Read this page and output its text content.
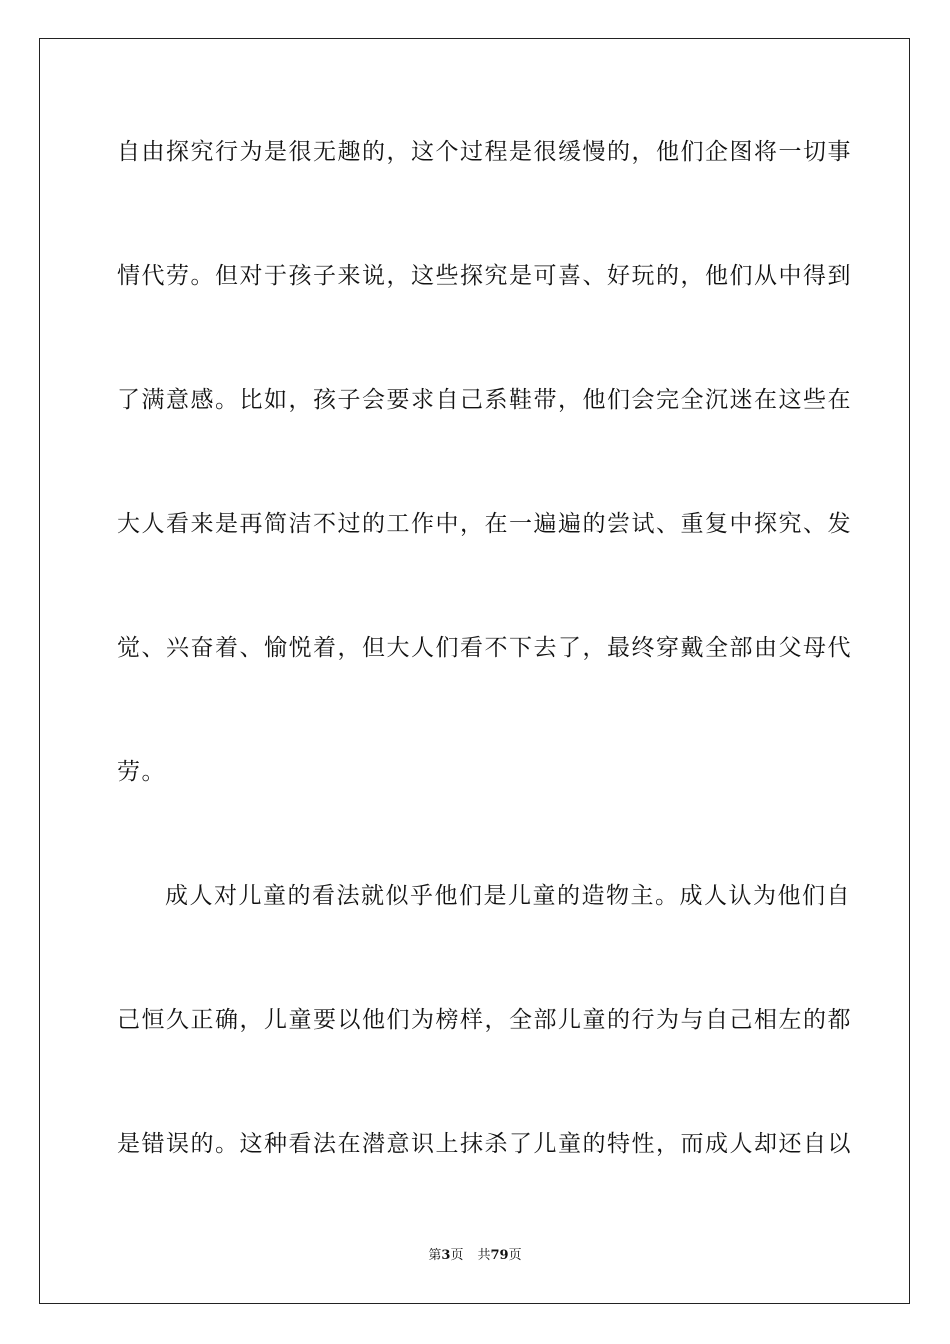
自由探究行为是很无趣的，这个过程是很缓慢的，他们企图将一切事
情代劳。但对于孩子来说，这些探究是可喜、好玩的，他们从中得到
了满意感。比如，孩子会要求自己系鞋带，他们会完全沉迷在这些在
大人看来是再简洁不过的工作中，在一遍遍的尝试、重复中探究、发
觉、兴奋着、愉悦着，但大人们看不下去了，最终穿戴全部由父母代
劳。
成人对儿童的看法就似乎他们是儿童的造物主。成人认为他们自
己恒久正确，儿童要以他们为榜样，全部儿童的行为与自己相左的都
是错误的。这种看法在潜意识上抹杀了儿童的特性，而成人却还自以
第3页 共79页
